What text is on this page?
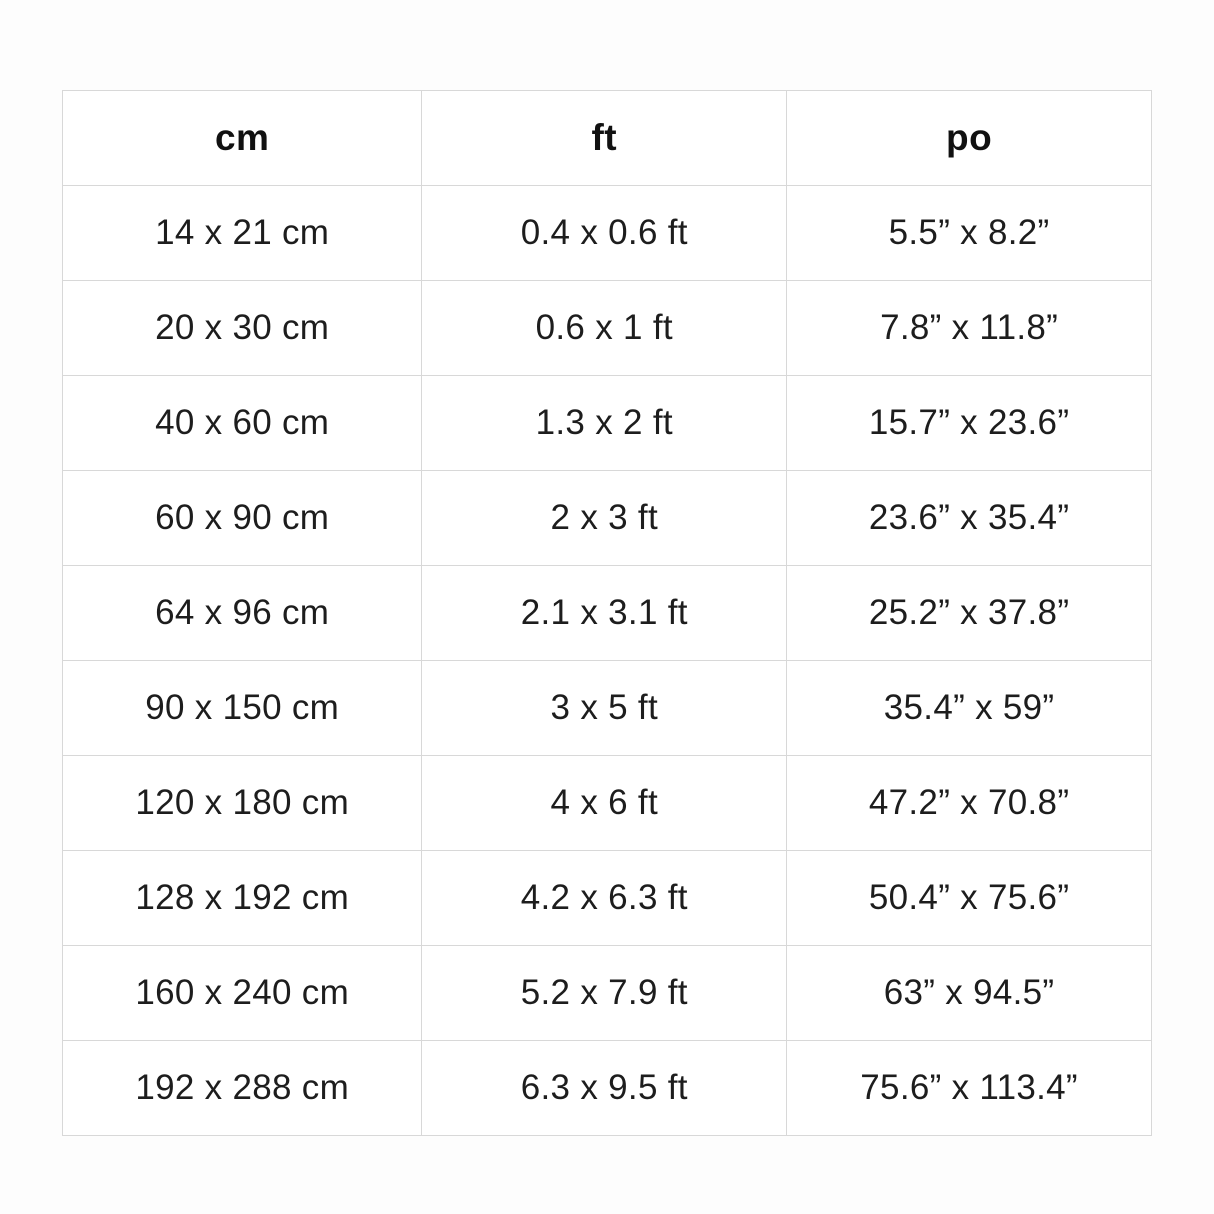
cm	ft	po
14 x 21 cm	0.4 x 0.6 ft	5.5” x 8.2”
20 x 30 cm	0.6 x 1 ft	7.8” x 11.8”
40 x 60 cm	1.3 x 2 ft	15.7” x 23.6”
60 x 90 cm	2 x 3 ft	23.6” x 35.4”
64 x 96 cm	2.1 x 3.1 ft	25.2” x 37.8”
90 x 150 cm	3 x 5 ft	35.4” x 59”
120 x 180 cm	4 x 6 ft	47.2” x 70.8”
128 x 192 cm	4.2 x 6.3 ft	50.4” x 75.6”
160 x 240 cm	5.2 x 7.9 ft	63” x 94.5”
192 x 288 cm	6.3 x 9.5 ft	75.6” x 113.4”
